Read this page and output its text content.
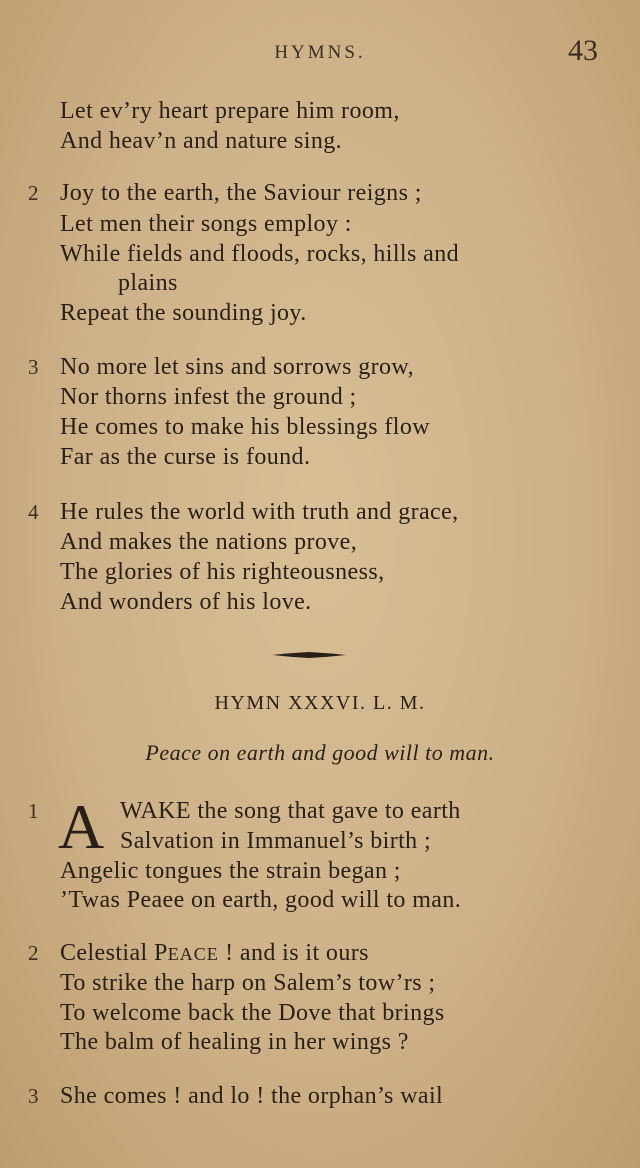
HYMNS.	43
Let ev’ry heart prepare him room,
And heav’n and nature sing.
2 Joy to the earth, the Saviour reigns ;
Let men their songs employ :
While fields and floods, rocks, hills and
plains
Repeat the sounding joy.
3 No more let sins and sorrows grow,
Nor thorns infest the ground ;
He comes to make his blessings flow
Far as the curse is found.
4 He rules the world with truth and grace,
And makes the nations prove,
The glories of his righteousness,
And wonders of his love.
HYMN XXXVI. L. M.
Peace on earth and good will to man.
1 A WAKE the song that gave to earth
Salvation in Immanuel’s birth ;
Angelic tongues the strain began ;
’Twas Peaee on earth, good will to man.
2 Celestial PEACE ! and is it ours
To strike the harp on Salem’s tow’rs ;
To welcome back the Dove that brings
The balm of healing in her wings ?
3 She comes ! and lo ! the orphan’s wail
